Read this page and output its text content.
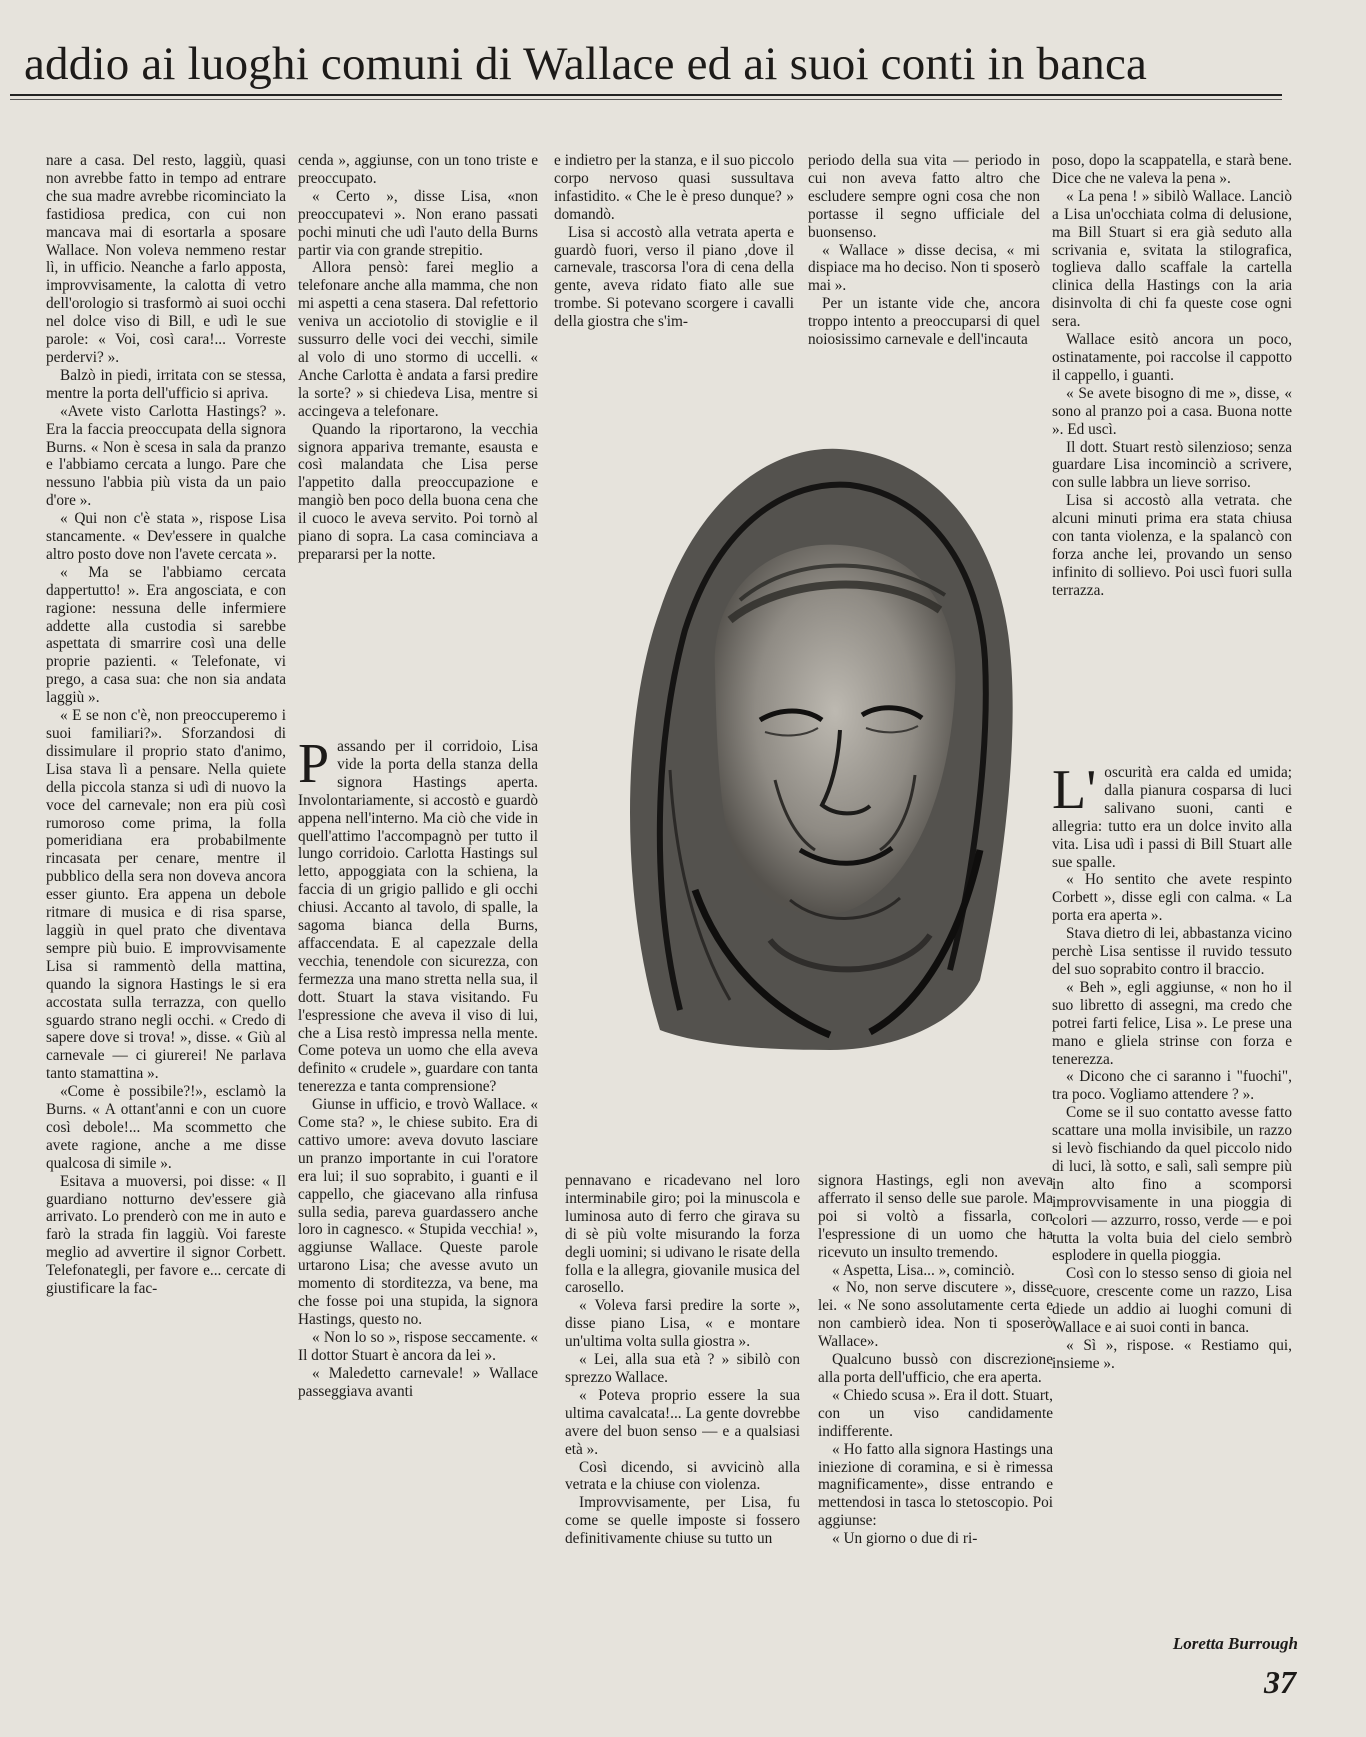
addio ai luoghi comuni di Wallace ed ai suoi conti in banca

nare a casa. Del resto, laggiù, quasi non avrebbe fatto in tempo ad entrare che sua madre avrebbe ricominciato la fastidiosa predica, con cui non mancava mai di esortarla a sposare Wallace. Non voleva nemmeno restar lì, in ufficio. Neanche a farlo apposta, improvvisamente, la calotta di vetro dell'orologio si trasformò ai suoi occhi nel dolce viso di Bill, e udì le sue parole: « Voi, così cara!... Vorreste perdervi? ».

Balzò in piedi, irritata con se stessa, mentre la porta dell'ufficio si apriva.

«Avete visto Carlotta Hastings? ». Era la faccia preoccupata della signora Burns. « Non è scesa in sala da pranzo e l'abbiamo cercata a lungo. Pare che nessuno l'abbia più vista da un paio d'ore ».

« Qui non c'è stata », rispose Lisa stancamente. « Dev'essere in qualche altro posto dove non l'avete cercata ».

« Ma se l'abbiamo cercata dappertutto! ». Era angosciata, e con ragione: nessuna delle infermiere addette alla custodia si sarebbe aspettata di smarrire così una delle proprie pazienti. « Telefonate, vi prego, a casa sua: che non sia andata laggiù ».

« E se non c'è, non preoccuperemo i suoi familiari?». Sforzandosi di dissimulare il proprio stato d'animo, Lisa stava lì a pensare. Nella quiete della piccola stanza si udì di nuovo la voce del carnevale; non era più così rumoroso come prima, la folla pomeridiana era probabilmente rincasata per cenare, mentre il pubblico della sera non doveva ancora esser giunto. Era appena un debole ritmare di musica e di risa sparse, laggiù in quel prato che diventava sempre più buio. E improvvisamente Lisa si rammentò della mattina, quando la signora Hastings le si era accostata sulla terrazza, con quello sguardo strano negli occhi. « Credo di sapere dove si trova! », disse. « Giù al carnevale — ci giurerei! Ne parlava tanto stamattina ».

«Come è possibile?!», esclamò la Burns. « A ottant'anni e con un cuore così debole!... Ma scommetto che avete ragione, anche a me disse qualcosa di simile ».

Esitava a muoversi, poi disse: « Il guardiano notturno dev'essere già arrivato. Lo prenderò con me in auto e farò la strada fin laggiù. Voi fareste meglio ad avvertire il signor Corbett. Telefonategli, per favore e... cercate di giustificare la fac-

cenda », aggiunse, con un tono triste e preoccupato.

« Certo », disse Lisa, «non preoccupatevi ». Non erano passati pochi minuti che udì l'auto della Burns partir via con grande strepitio.

Allora pensò: farei meglio a telefonare anche alla mamma, che non mi aspetti a cena stasera. Dal refettorio veniva un acciotolio di stoviglie e il sussurro delle voci dei vecchi, simile al volo di uno stormo di uccelli. « Anche Carlotta è andata a farsi predire la sorte? » si chiedeva Lisa, mentre si accingeva a telefonare.

Quando la riportarono, la vecchia signora appariva tremante, esausta e così malandata che Lisa perse l'appetito dalla preoccupazione e mangiò ben poco della buona cena che il cuoco le aveva servito. Poi tornò al piano di sopra. La casa cominciava a prepararsi per la notte.

Passando per il corridoio, Lisa vide la porta della stanza della signora Hastings aperta. Involontariamente, si accostò e guardò appena nell'interno. Ma ciò che vide in quell'attimo l'accompagnò per tutto il lungo corridoio. Carlotta Hastings sul letto, appoggiata con la schiena, la faccia di un grigio pallido e gli occhi chiusi. Accanto al tavolo, di spalle, la sagoma bianca della Burns, affaccendata. E al capezzale della vecchia, tenendole con sicurezza, con fermezza una mano stretta nella sua, il dott. Stuart la stava visitando. Fu l'espressione che aveva il viso di lui, che a Lisa restò impressa nella mente. Come poteva un uomo che ella aveva definito « crudele », guardare con tanta tenerezza e tanta comprensione?

Giunse in ufficio, e trovò Wallace. « Come sta? », le chiese subito. Era di cattivo umore: aveva dovuto lasciare un pranzo importante in cui l'oratore era lui; il suo soprabito, i guanti e il cappello, che giacevano alla rinfusa sulla sedia, pareva guardassero anche loro in cagnesco. « Stupida vecchia! », aggiunse Wallace. Queste parole urtarono Lisa; che avesse avuto un momento di storditezza, va bene, ma che fosse poi una stupida, la signora Hastings, questo no.

« Non lo so », rispose seccamente. « Il dottor Stuart è ancora da lei ».

« Maledetto carnevale! » Wallace passeggiava avanti

e indietro per la stanza, e il suo piccolo corpo nervoso quasi sussultava infastidito. « Che le è preso dunque? » domandò.

Lisa si accostò alla vetrata aperta e guardò fuori, verso il piano ,dove il carnevale, trascorsa l'ora di cena della gente, aveva ridato fiato alle sue trombe. Si potevano scorgere i cavalli della giostra che s'im-

periodo della sua vita — periodo in cui non aveva fatto altro che escludere sempre ogni cosa che non portasse il segno ufficiale del buonsenso.

« Wallace » disse decisa, « mi dispiace ma ho deciso. Non ti sposerò mai ».

Per un istante vide che, ancora troppo intento a preoccuparsi di quel noiosissimo carnevale e dell'incauta

pennavano e ricadevano nel loro interminabile giro; poi la minuscola e luminosa auto di ferro che girava su di sè più volte misurando la forza degli uomini; si udivano le risate della folla e la allegra, giovanile musica del carosello.

« Voleva farsi predire la sorte », disse piano Lisa, « e montare un'ultima volta sulla giostra ».

« Lei, alla sua età ? » sibilò con sprezzo Wallace.

« Poteva proprio essere la sua ultima cavalcata!... La gente dovrebbe avere del buon senso — e a qualsiasi età ».

Così dicendo, si avvicinò alla vetrata e la chiuse con violenza.

Improvvisamente, per Lisa, fu come se quelle imposte si fossero definitivamente chiuse su tutto un

signora Hastings, egli non aveva afferrato il senso delle sue parole. Ma poi si voltò a fissarla, con l'espressione di un uomo che ha ricevuto un insulto tremendo.

« Aspetta, Lisa... », cominciò.

« No, non serve discutere », disse lei. « Ne sono assolutamente certa e non cambierò idea. Non ti sposerò Wallace».

Qualcuno bussò con discrezione alla porta dell'ufficio, che era aperta.

« Chiedo scusa ». Era il dott. Stuart, con un viso candidamente indifferente.

« Ho fatto alla signora Hastings una iniezione di coramina, e si è rimessa magnificamente», disse entrando e mettendosi in tasca lo stetoscopio. Poi aggiunse:

« Un giorno o due di ri-

poso, dopo la scappatella, e starà bene. Dice che ne valeva la pena ».

« La pena ! » sibilò Wallace. Lanciò a Lisa un'occhiata colma di delusione, ma Bill Stuart si era già seduto alla scrivania e, svitata la stilografica, toglieva dallo scaffale la cartella clinica della Hastings con la aria disinvolta di chi fa queste cose ogni sera.

Wallace esitò ancora un poco, ostinatamente, poi raccolse il cappotto il cappello, i guanti.

« Se avete bisogno di me », disse, « sono al pranzo poi a casa. Buona notte ». Ed uscì.

Il dott. Stuart restò silenzioso; senza guardare Lisa incominciò a scrivere, con sulle labbra un lieve sorriso.

Lisa si accostò alla vetrata. che alcuni minuti prima era stata chiusa con tanta violenza, e la spalancò con forza anche lei, provando un senso infinito di sollievo. Poi uscì fuori sulla terrazza.

L'oscurità era calda ed umida; dalla pianura cosparsa di luci salivano suoni, canti e allegria: tutto era un dolce invito alla vita. Lisa udì i passi di Bill Stuart alle sue spalle.

« Ho sentito che avete respinto Corbett », disse egli con calma. « La porta era aperta ».

Stava dietro di lei, abbastanza vicino perchè Lisa sentisse il ruvido tessuto del suo soprabito contro il braccio.

« Beh », egli aggiunse, « non ho il suo libretto di assegni, ma credo che potrei farti felice, Lisa ». Le prese una mano e gliela strinse con forza e tenerezza.

« Dicono che ci saranno i "fuochi", tra poco. Vogliamo attendere ? ».

Come se il suo contatto avesse fatto scattare una molla invisibile, un razzo si levò fischiando da quel piccolo nido di luci, là sotto, e salì, salì sempre più in alto fino a scomporsi improvvisamente in una pioggia di colori — azzurro, rosso, verde — e poi tutta la volta buia del cielo sembrò esplodere in quella pioggia.

Così con lo stesso senso di gioia nel cuore, crescente come un razzo, Lisa diede un addio ai luoghi comuni di Wallace e ai suoi conti in banca.

« Sì », rispose. « Restiamo qui, insieme ».

Loretta Burrough
37
